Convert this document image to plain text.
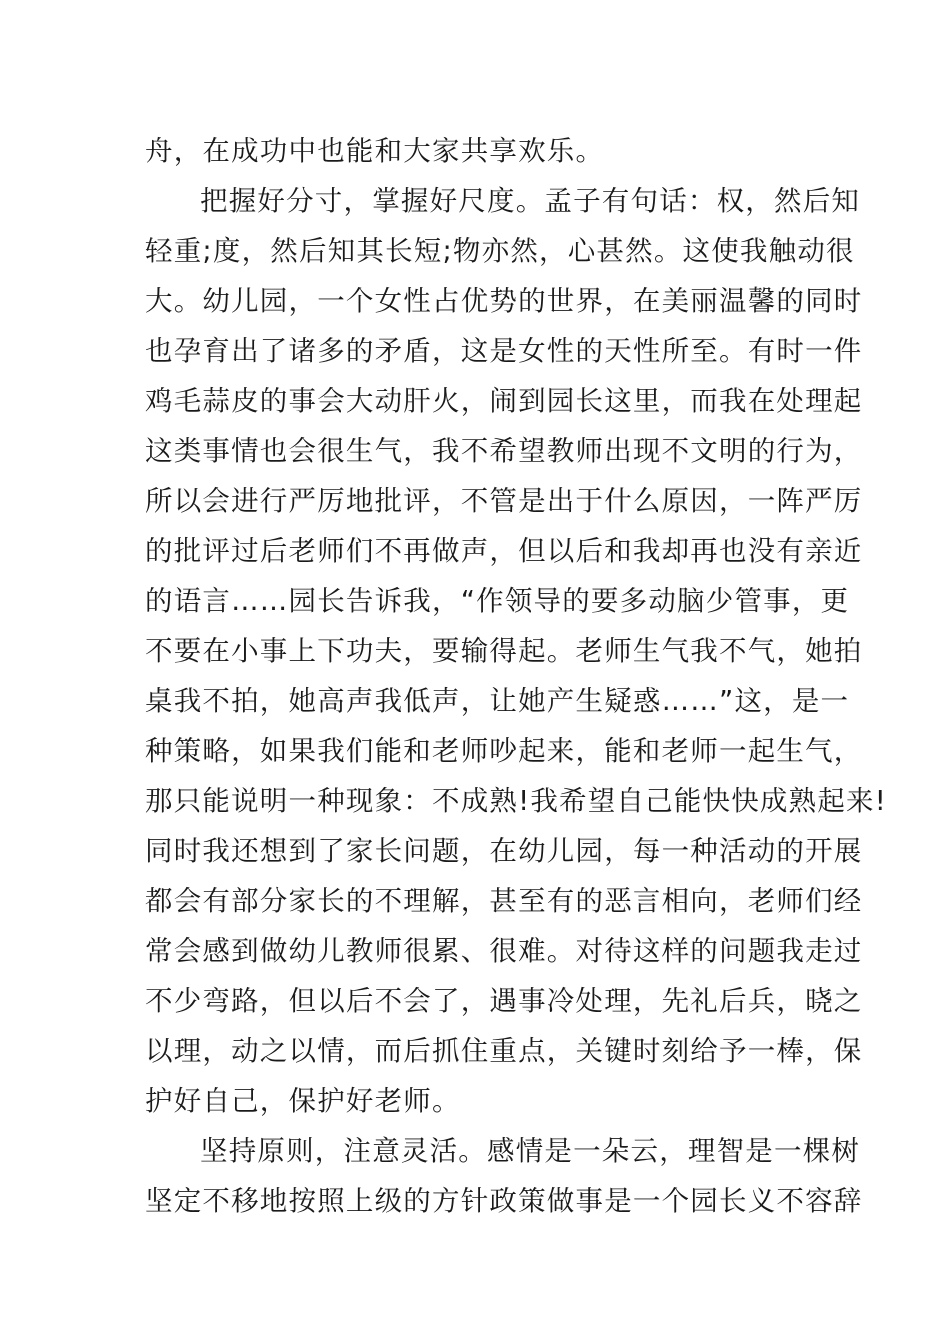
舟，在成功中也能和大家共享欢乐。
把握好分寸，掌握好尺度。孟子有句话：权，然后知
轻重;度，然后知其长短;物亦然，心甚然。这使我触动很
大。幼儿园，一个女性占优势的世界，在美丽温馨的同时
也孕育出了诸多的矛盾，这是女性的天性所至。有时一件
鸡毛蒜皮的事会大动肝火，闹到园长这里，而我在处理起
这类事情也会很生气，我不希望教师出现不文明的行为，
所以会进行严厉地批评，不管是出于什么原因，一阵严厉
的批评过后老师们不再做声，但以后和我却再也没有亲近
的语言……园长告诉我，“作领导的要多动脑少管事，更
不要在小事上下功夫，要输得起。老师生气我不气，她拍
桌我不拍，她高声我低声，让她产生疑惑……”这，是一
种策略，如果我们能和老师吵起来，能和老师一起生气，
那只能说明一种现象：不成熟!我希望自己能快快成熟起来!
同时我还想到了家长问题，在幼儿园，每一种活动的开展
都会有部分家长的不理解，甚至有的恶言相向，老师们经
常会感到做幼儿教师很累、很难。对待这样的问题我走过
不少弯路，但以后不会了，遇事冷处理，先礼后兵，晓之
以理，动之以情，而后抓住重点，关键时刻给予一棒，保
护好自己，保护好老师。
坚持原则，注意灵活。感情是一朵云，理智是一棵树
坚定不移地按照上级的方针政策做事是一个园长义不容辞
